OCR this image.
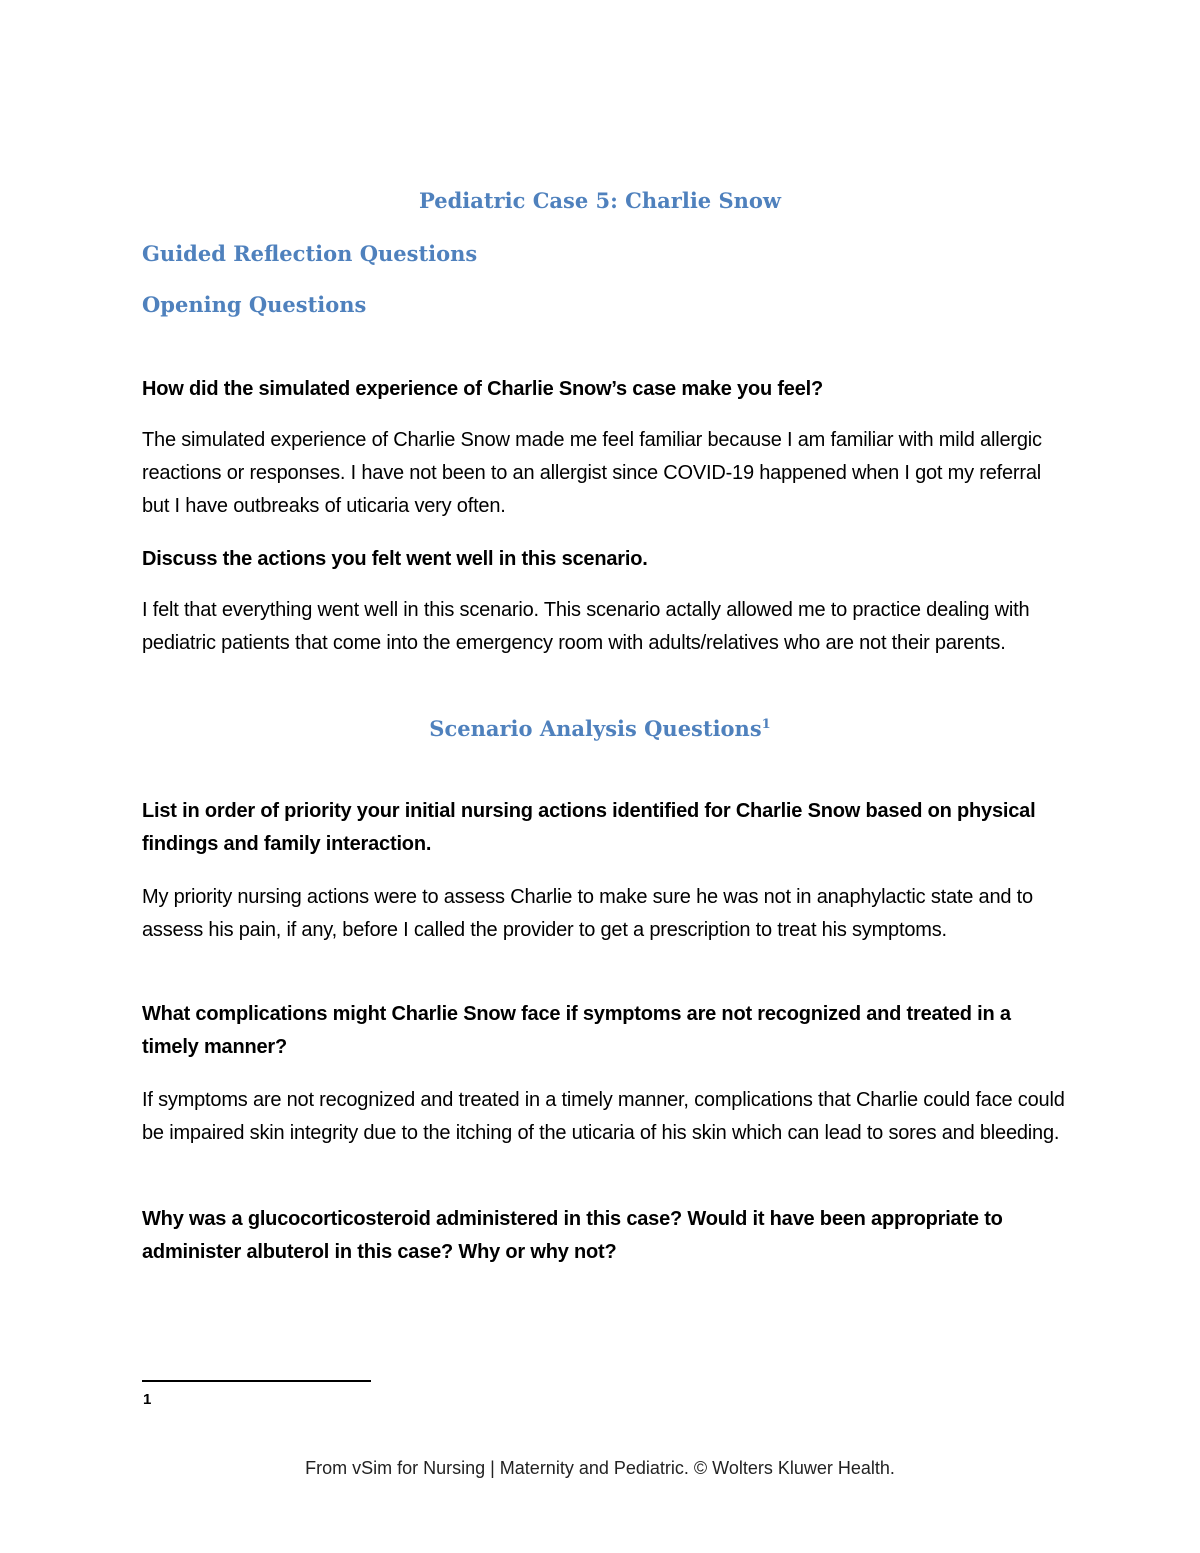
Pediatric Case 5: Charlie Snow
Guided Reflection Questions
Opening Questions
How did the simulated experience of Charlie Snow’s case make you feel?
The simulated experience of Charlie Snow made me feel familiar because I am familiar with mild allergic reactions or responses. I have not been to an allergist since COVID-19 happened when I got my referral but I have outbreaks of uticaria very often.
Discuss the actions you felt went well in this scenario.
I felt that everything went well in this scenario. This scenario actally allowed me to practice dealing with pediatric patients that come into the emergency room with adults/relatives who are not their parents.
Scenario Analysis Questions$^1$
List in order of priority your initial nursing actions identified for Charlie Snow based on physical findings and family interaction.
My priority nursing actions were to assess Charlie to make sure he was not in anaphylactic state and to assess his pain, if any, before I called the provider to get a prescription to treat his symptoms.
What complications might Charlie Snow face if symptoms are not recognized and treated in a timely manner?
If symptoms are not recognized and treated in a timely manner, complications that Charlie could face could be impaired skin integrity due to the itching of the uticaria of his skin which can lead to sores and bleeding.
Why was a glucocorticosteroid administered in this case? Would it have been appropriate to administer albuterol in this case? Why or why not?
1
From vSim for Nursing | Maternity and Pediatric. © Wolters Kluwer Health.
